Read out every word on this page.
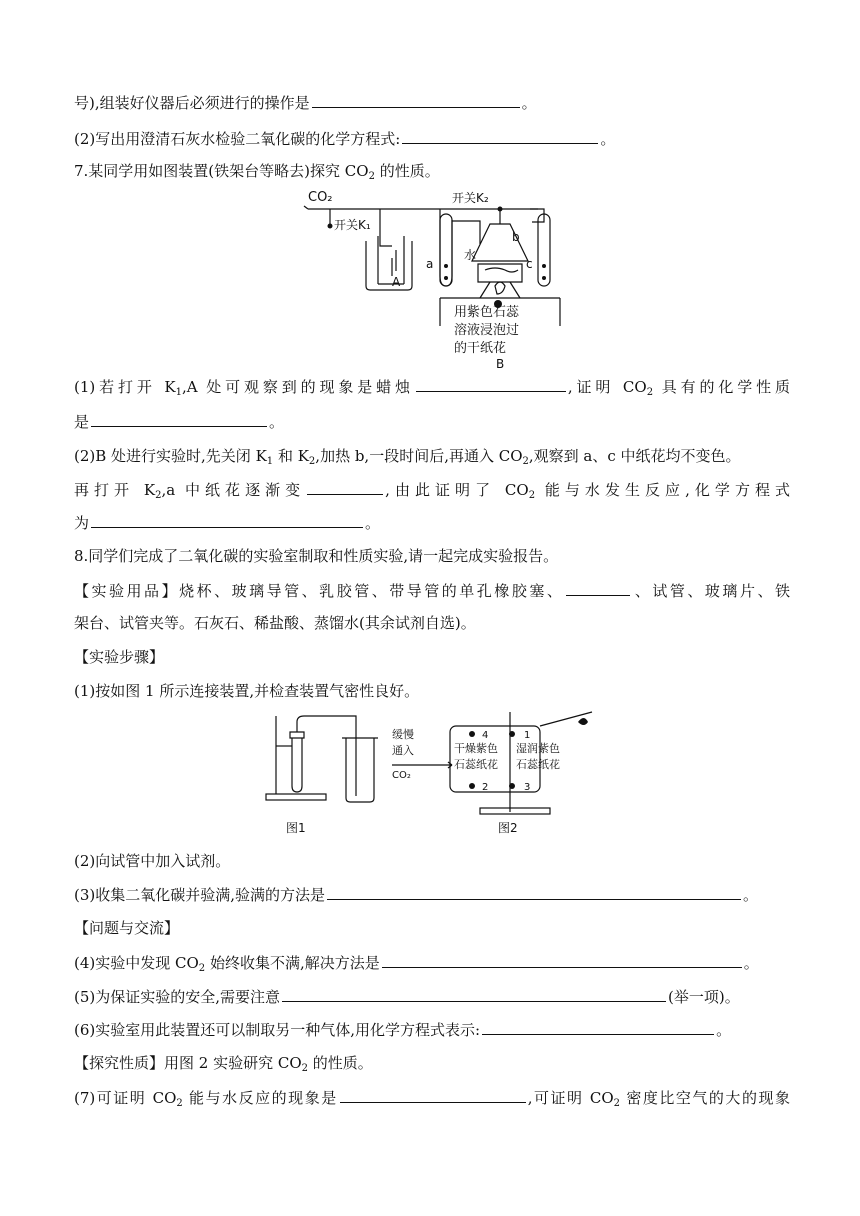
号),组装好仪器后必须进行的操作是	。
(2)写出用澄清石灰水检验二氧化碳的化学方程式:	。
7.某同学用如图装置(铁架台等略去)探究 $CO_2$ 的性质。
CO₂
开关K₁
开关K₂
a
b
c
A
水
用紫色石蕊
溶液浸泡过
的干纸花
B
(1)若打开 $K_1,A$ 处可观察到的现象是蜡烛	,证明 $CO_2$ 具有的化学性质
是	。
(2)B 处进行实验时,先关闭 $K_1$ 和 $K_2$,加热 b,一段时间后,再通入 $CO_2$,观察到 a、c 中纸花均不变色。
再打开 $K_2,a$ 中纸花逐渐变	,由此证明了 $CO_2$ 能与水发生反应,化学方程式
为	。
8.同学们完成了二氧化碳的实验室制取和性质实验,请一起完成实验报告。
【实验用品】烧杯、玻璃导管、乳胶管、带导管的单孔橡胶塞、	、试管、玻璃片、铁
架台、试管夹等。石灰石、稀盐酸、蒸馏水(其余试剂自选)。
【实验步骤】
(1)按如图 1 所示连接装置,并检查装置气密性良好。
图1	图2
缓慢
通入
CO₂
干燥紫色
石蕊纸花
湿润紫色
石蕊纸花
1
2	3
4
(2)向试管中加入试剂。
(3)收集二氧化碳并验满,验满的方法是	。
【问题与交流】
(4)实验中发现 $CO_2$ 始终收集不满,解决方法是	。
(5)为保证实验的安全,需要注意	(举一项)。
(6)实验室用此装置还可以制取另一种气体,用化学方程式表示:	。
【探究性质】用图 2 实验研究 $CO_2$ 的性质。
(7)可证明 $CO_2$ 能与水反应的现象是	,可证明 $CO_2$ 密度比空气的大的现象
